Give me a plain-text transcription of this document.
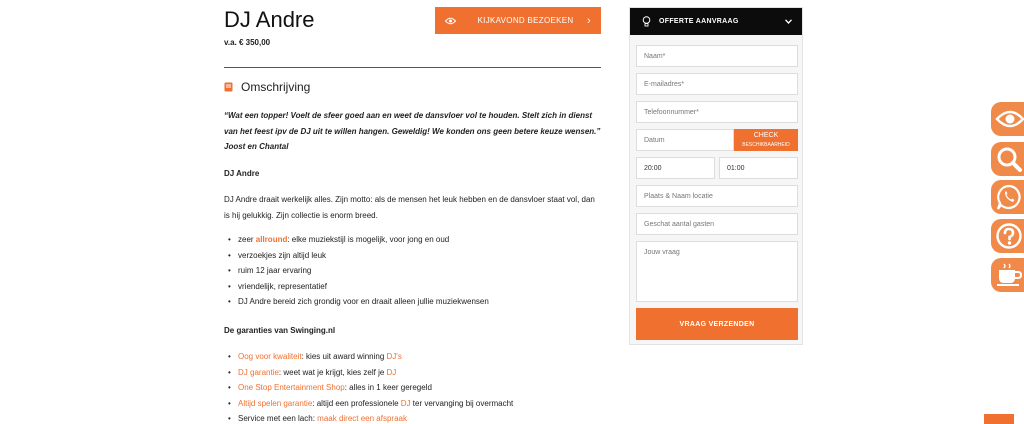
DJ Andre
v.a. € 350,00
KIJKAVOND BEZOEKEN	›
Omschrijving

“Wat een topper! Voelt de sfeer goed aan en weet de dansvloer vol te houden. Stelt zich in dienst van het feest ipv de DJ uit te willen hangen. Geweldig! We konden ons geen betere keuze wensen.” Joost en Chantal

DJ Andre

DJ Andre draait werkelijk alles. Zijn motto: als de mensen het leuk hebben en de dansvloer staat vol, dan is hij gelukkig. Zijn collectie is enorm breed.

• zeer allround: elke muziekstijl is mogelijk, voor jong en oud
• verzoekjes zijn altijd leuk
• ruim 12 jaar ervaring
• vriendelijk, representatief
• DJ Andre bereid zich grondig voor en draait alleen jullie muziekwensen

De garanties van Swinging.nl

• Oog voor kwaliteit: kies uit award winning DJ's
• DJ garantie: weet wat je krijgt, kies zelf je DJ
• One Stop Entertainment Shop: alles in 1 keer geregeld
• Altijd spelen garantie: altijd een professionele DJ ter vervanging bij overmacht
• Service met een lach: maak direct een afspraak
OFFERTE AANVRAAG
Naam*
E-mailadres*
Telefoonnummer*
Datum
CHECK
BESCHIKBAARHEID
20:00	01:00
Plaats & Naam locatie
Geschat aantal gasten
Jouw vraag
VRAAG VERZENDEN
